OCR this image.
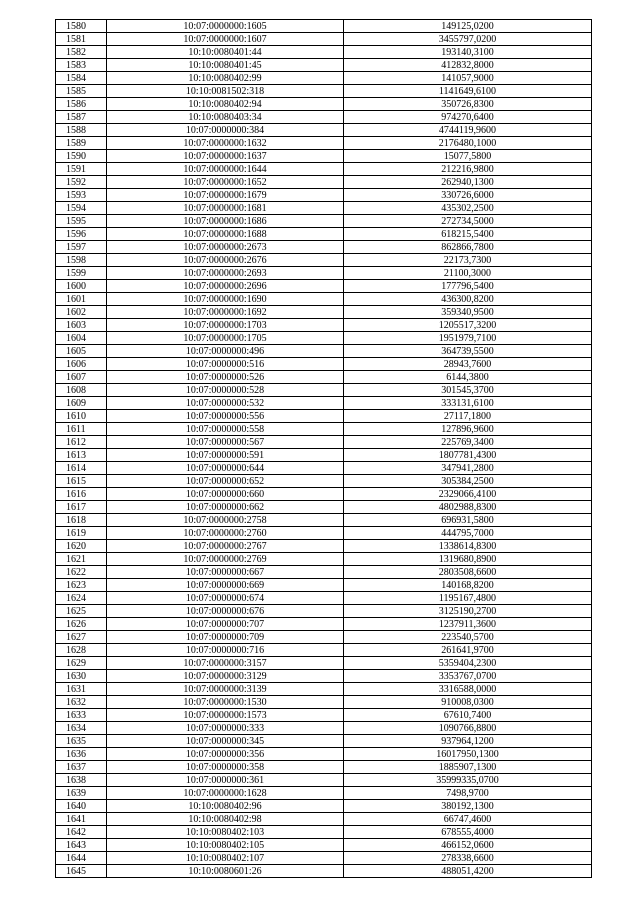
1580	10:07:0000000:1605	149125,0200
1581	10:07:0000000:1607	3455797,0200
1582	10:10:0080401:44	193140,3100
1583	10:10:0080401:45	412832,8000
1584	10:10:0080402:99	141057,9000
1585	10:10:0081502:318	1141649,6100
1586	10:10:0080402:94	350726,8300
1587	10:10:0080403:34	974270,6400
1588	10:07:0000000:384	4744119,9600
1589	10:07:0000000:1632	2176480,1000
1590	10:07:0000000:1637	15077,5800
1591	10:07:0000000:1644	212216,9800
1592	10:07:0000000:1652	262940,1300
1593	10:07:0000000:1679	330726,6000
1594	10:07:0000000:1681	435302,2500
1595	10:07:0000000:1686	272734,5000
1596	10:07:0000000:1688	618215,5400
1597	10:07:0000000:2673	862866,7800
1598	10:07:0000000:2676	22173,7300
1599	10:07:0000000:2693	21100,3000
1600	10:07:0000000:2696	177796,5400
1601	10:07:0000000:1690	436300,8200
1602	10:07:0000000:1692	359340,9500
1603	10:07:0000000:1703	1205517,3200
1604	10:07:0000000:1705	1951979,7100
1605	10:07:0000000:496	364739,5500
1606	10:07:0000000:516	28943,7600
1607	10:07:0000000:526	6144,3800
1608	10:07:0000000:528	301545,3700
1609	10:07:0000000:532	333131,6100
1610	10:07:0000000:556	27117,1800
1611	10:07:0000000:558	127896,9600
1612	10:07:0000000:567	225769,3400
1613	10:07:0000000:591	1807781,4300
1614	10:07:0000000:644	347941,2800
1615	10:07:0000000:652	305384,2500
1616	10:07:0000000:660	2329066,4100
1617	10:07:0000000:662	4802988,8300
1618	10:07:0000000:2758	696931,5800
1619	10:07:0000000:2760	444795,7000
1620	10:07:0000000:2767	1338614,8300
1621	10:07:0000000:2769	1319680,8900
1622	10:07:0000000:667	2803508,6600
1623	10:07:0000000:669	140168,8200
1624	10:07:0000000:674	1195167,4800
1625	10:07:0000000:676	3125190,2700
1626	10:07:0000000:707	1237911,3600
1627	10:07:0000000:709	223540,5700
1628	10:07:0000000:716	261641,9700
1629	10:07:0000000:3157	5359404,2300
1630	10:07:0000000:3129	3353767,0700
1631	10:07:0000000:3139	3316588,0000
1632	10:07:0000000:1530	910008,0300
1633	10:07:0000000:1573	67610,7400
1634	10:07:0000000:333	1090766,8800
1635	10:07:0000000:345	937964,1200
1636	10:07:0000000:356	16017950,1300
1637	10:07:0000000:358	1885907,1300
1638	10:07:0000000:361	35999335,0700
1639	10:07:0000000:1628	7498,9700
1640	10:10:0080402:96	380192,1300
1641	10:10:0080402:98	66747,4600
1642	10:10:0080402:103	678555,4000
1643	10:10:0080402:105	466152,0600
1644	10:10:0080402:107	278338,6600
1645	10:10:0080601:26	488051,4200
